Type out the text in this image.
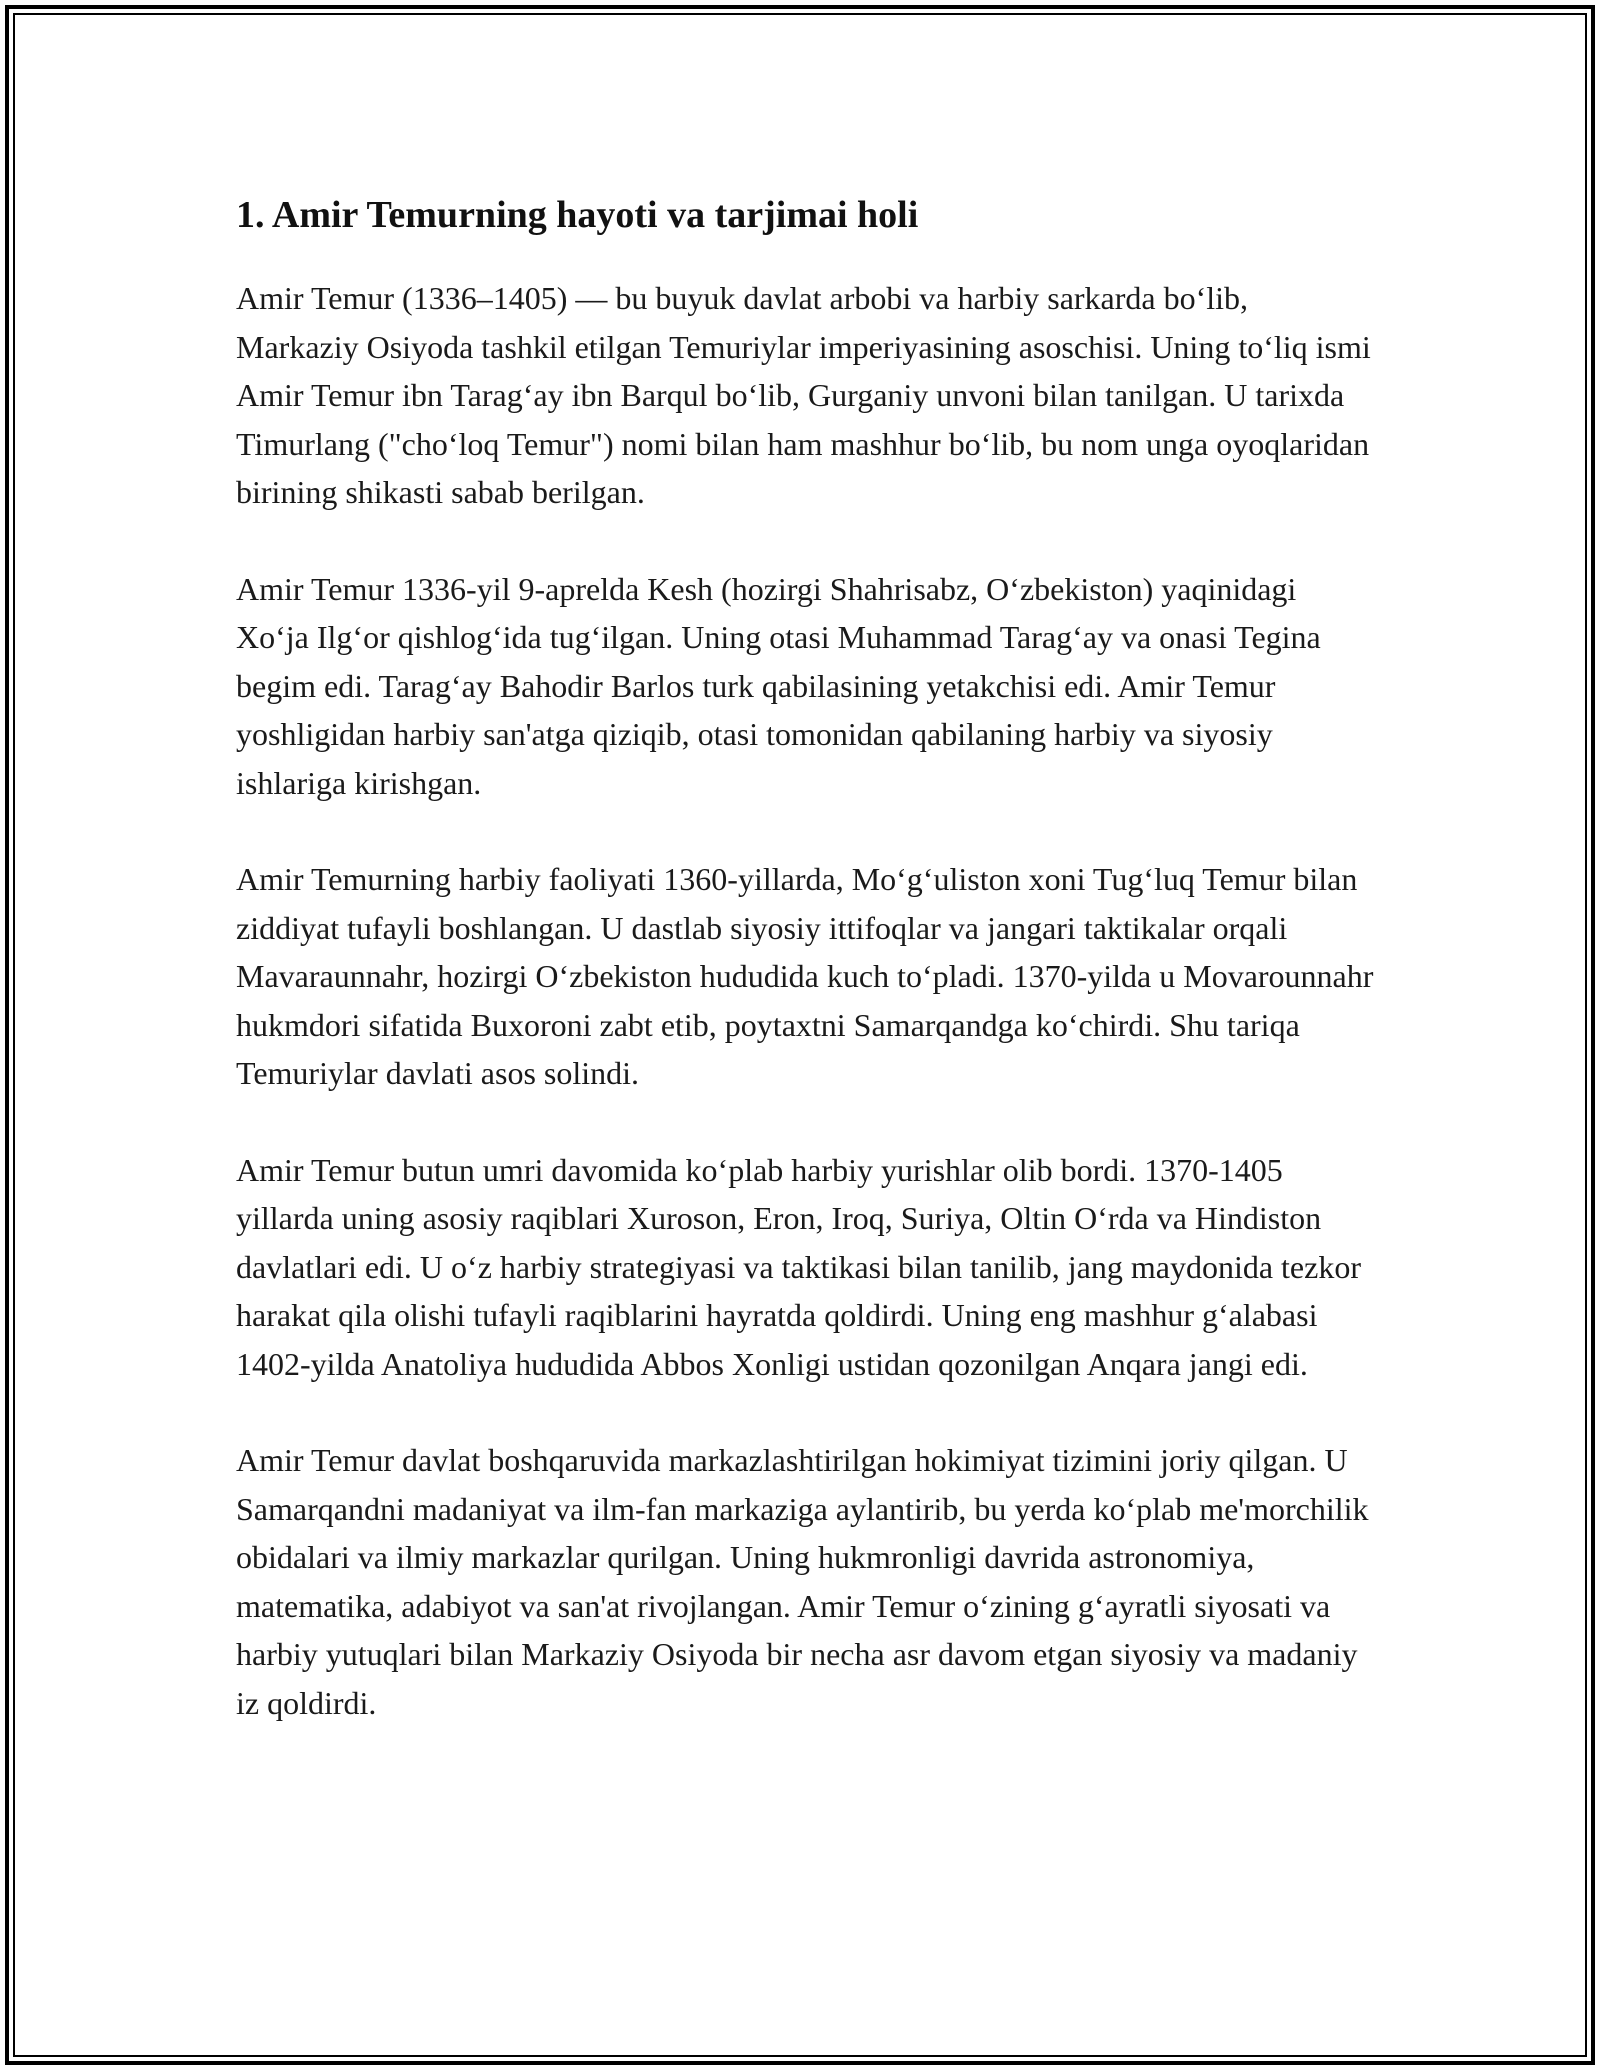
1. Amir Temurning hayoti va tarjimai holi

Amir Temur (1336–1405) — bu buyuk davlat arbobi va harbiy sarkarda bo‘lib, Markaziy Osiyoda tashkil etilgan Temuriylar imperiyasining asoschisi. Uning to‘liq ismi Amir Temur ibn Tarag‘ay ibn Barqul bo‘lib, Gurganiy unvoni bilan tanilgan. U tarixda Timurlang ("cho‘loq Temur") nomi bilan ham mashhur bo‘lib, bu nom unga oyoqlaridan birining shikasti sabab berilgan.

Amir Temur 1336-yil 9-aprelda Kesh (hozirgi Shahrisabz, O‘zbekiston) yaqinidagi Xo‘ja Ilg‘or qishlog‘ida tug‘ilgan. Uning otasi Muhammad Tarag‘ay va onasi Tegina begim edi. Tarag‘ay Bahodir Barlos turk qabilasining yetakchisi edi. Amir Temur yoshligidan harbiy san'atga qiziqib, otasi tomonidan qabilaning harbiy va siyosiy ishlariga kirishgan.

Amir Temurning harbiy faoliyati 1360-yillarda, Mo‘g‘uliston xoni Tug‘luq Temur bilan ziddiyat tufayli boshlangan. U dastlab siyosiy ittifoqlar va jangari taktikalar orqali Mavaraunnahr, hozirgi O‘zbekiston hududida kuch to‘pladi. 1370-yilda u Movarounnahr hukmdori sifatida Buxoroni zabt etib, poytaxtni Samarqandga ko‘chirdi. Shu tariqa Temuriylar davlati asos solindi.

Amir Temur butun umri davomida ko‘plab harbiy yurishlar olib bordi. 1370-1405 yillarda uning asosiy raqiblari Xuroson, Eron, Iroq, Suriya, Oltin O‘rda va Hindiston davlatlari edi. U o‘z harbiy strategiyasi va taktikasi bilan tanilib, jang maydonida tezkor harakat qila olishi tufayli raqiblarini hayratda qoldirdi. Uning eng mashhur g‘alabasi 1402-yilda Anatoliya hududida Abbos Xonligi ustidan qozonilgan Anqara jangi edi.

Amir Temur davlat boshqaruvida markazlashtirilgan hokimiyat tizimini joriy qilgan. U Samarqandni madaniyat va ilm-fan markaziga aylantirib, bu yerda ko‘plab me'morchilik obidalari va ilmiy markazlar qurilgan. Uning hukmronligi davrida astronomiya, matematika, adabiyot va san'at rivojlangan. Amir Temur o‘zining g‘ayratli siyosati va harbiy yutuqlari bilan Markaziy Osiyoda bir necha asr davom etgan siyosiy va madaniy iz qoldirdi.
